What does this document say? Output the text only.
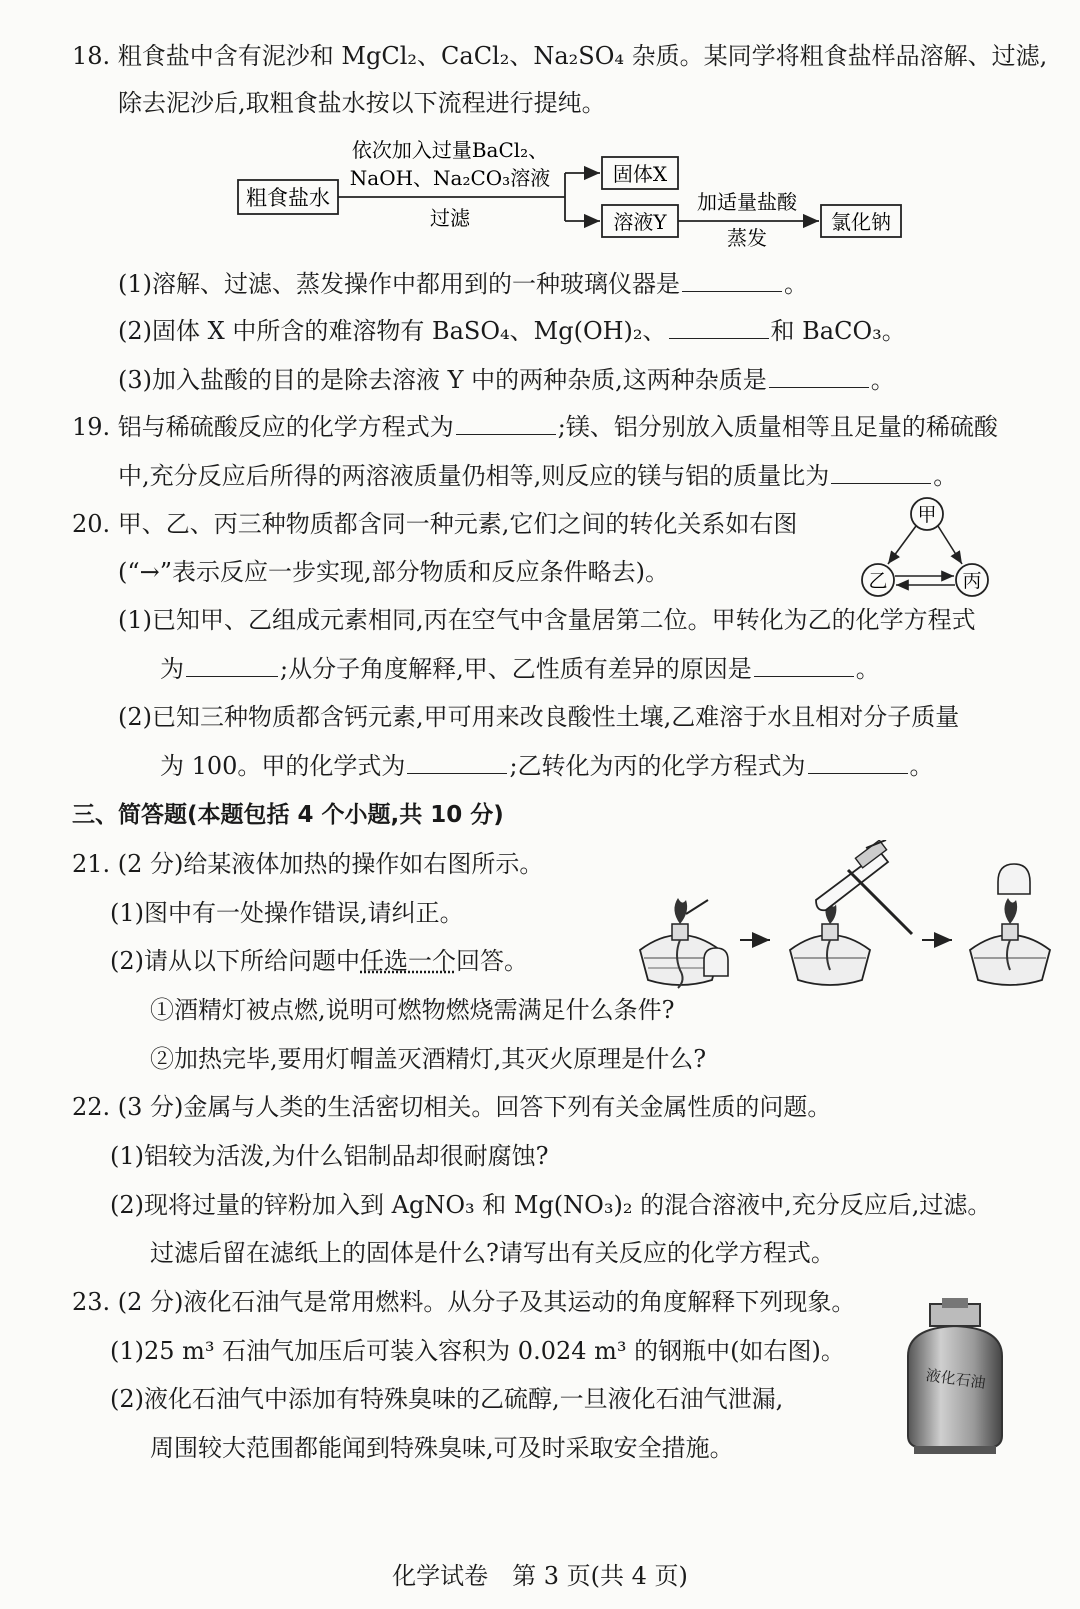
18. 粗食盐中含有泥沙和 MgCl₂、CaCl₂、Na₂SO₄ 杂质。某同学将粗食盐样品溶解、过滤,
除去泥沙后,取粗食盐水按以下流程进行提纯。
粗食盐水
依次加入过量BaCl₂、
NaOH、Na₂CO₃溶液
过滤
固体X
溶液Y
加适量盐酸
蒸发
氯化钠
(1)溶解、过滤、蒸发操作中都用到的一种玻璃仪器是	。
(2)固体 X 中所含的难溶物有 BaSO₄、Mg(OH)₂、	和 BaCO₃。
(3)加入盐酸的目的是除去溶液 Y 中的两种杂质,这两种杂质是	。
19. 铝与稀硫酸反应的化学方程式为	;镁、铝分别放入质量相等且足量的稀硫酸
中,充分反应后所得的两溶液质量仍相等,则反应的镁与铝的质量比为	。
20. 甲、乙、丙三种物质都含同一种元素,它们之间的转化关系如右图
(“→”表示反应一步实现,部分物质和反应条件略去)。
甲
乙	丙
(1)已知甲、乙组成元素相同,丙在空气中含量居第二位。甲转化为乙的化学方程式
为	;从分子角度解释,甲、乙性质有差异的原因是	。
(2)已知三种物质都含钙元素,甲可用来改良酸性土壤,乙难溶于水且相对分子质量
为 100。甲的化学式为	;乙转化为丙的化学方程式为	。
三、简答题(本题包括 4 个小题,共 10 分)
21. (2 分)给某液体加热的操作如右图所示。
(1)图中有一处操作错误,请纠正。
(2)请从以下所给问题中任选一个回答。
①酒精灯被点燃,说明可燃物燃烧需满足什么条件?
②加热完毕,要用灯帽盖灭酒精灯,其灭火原理是什么?
22. (3 分)金属与人类的生活密切相关。回答下列有关金属性质的问题。
(1)铝较为活泼,为什么铝制品却很耐腐蚀?
(2)现将过量的锌粉加入到 AgNO₃ 和 Mg(NO₃)₂ 的混合溶液中,充分反应后,过滤。
过滤后留在滤纸上的固体是什么?请写出有关反应的化学方程式。
23. (2 分)液化石油气是常用燃料。从分子及其运动的角度解释下列现象。
(1)25 m³ 石油气加压后可装入容积为 0.024 m³ 的钢瓶中(如右图)。
(2)液化石油气中添加有特殊臭味的乙硫醇,一旦液化石油气泄漏,
周围较大范围都能闻到特殊臭味,可及时采取安全措施。
液化石油
化学试卷　第 3 页(共 4 页)
